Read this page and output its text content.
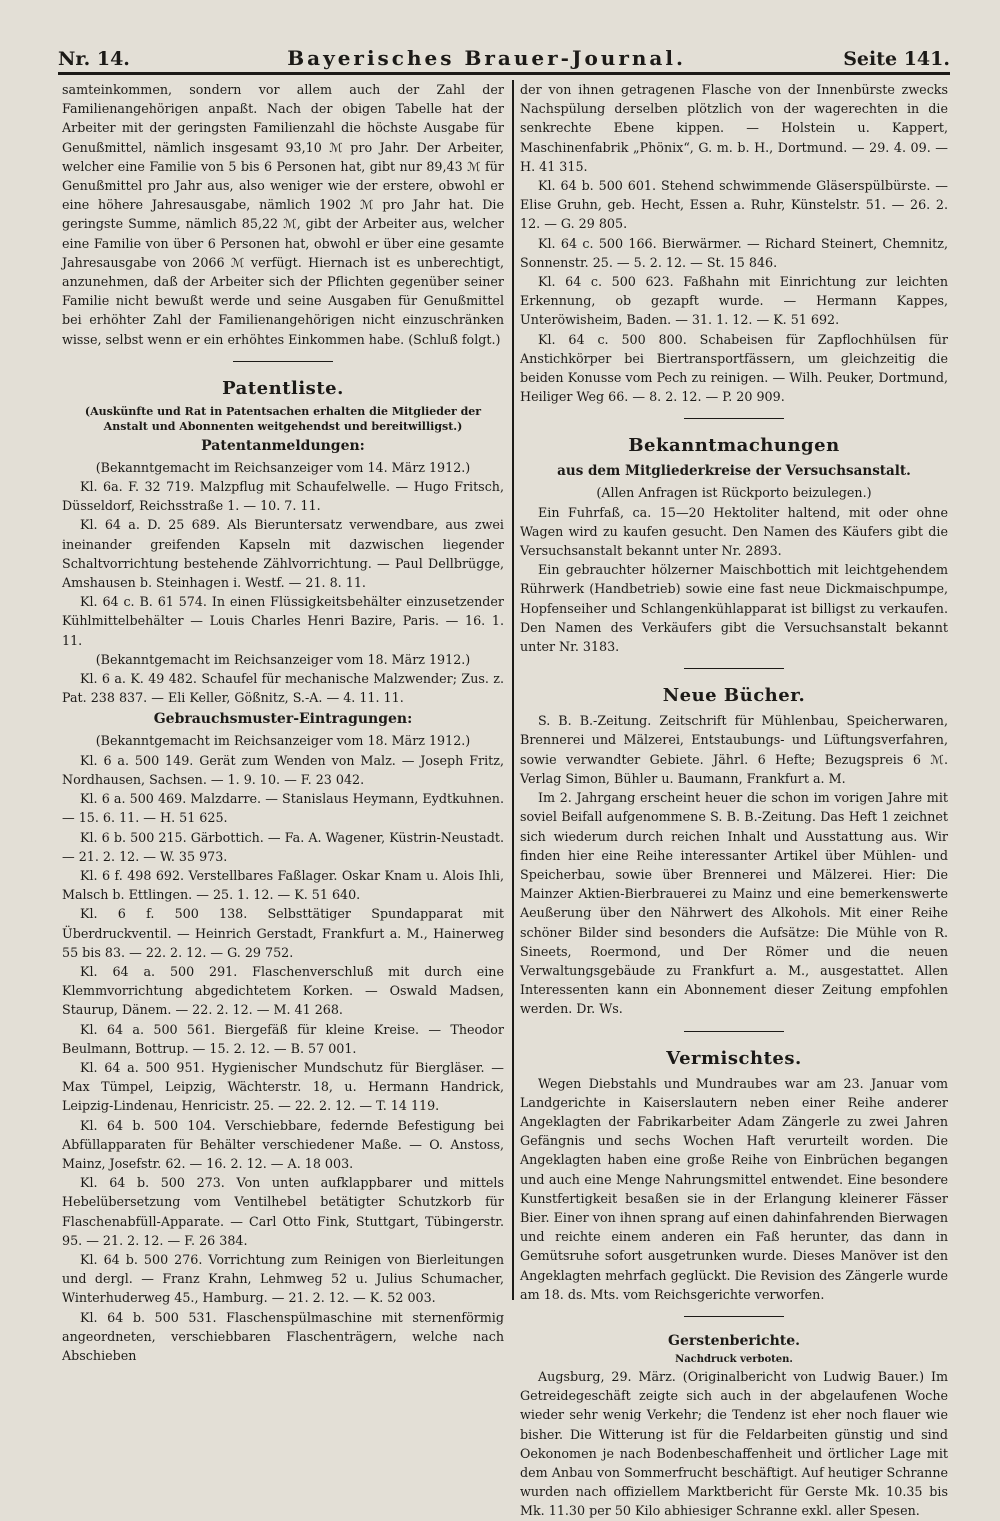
Nr. 14.	Bayerisches Brauer-Journal.	Seite 141.

samteinkommen, sondern vor allem auch der Zahl der Familienangehörigen anpaßt. Nach der obigen Tabelle hat der Arbeiter mit der geringsten Familienzahl die höchste Ausgabe für Genußmittel, nämlich insgesamt 93,10 ℳ pro Jahr. Der Arbeiter, welcher eine Familie von 5 bis 6 Personen hat, gibt nur 89,43 ℳ für Genußmittel pro Jahr aus, also weniger wie der erstere, obwohl er eine höhere Jahresausgabe, nämlich 1902 ℳ pro Jahr hat. Die geringste Summe, nämlich 85,22 ℳ, gibt der Arbeiter aus, welcher eine Familie von über 6 Personen hat, obwohl er über eine gesamte Jahresausgabe von 2066 ℳ verfügt. Hiernach ist es unberechtigt, anzunehmen, daß der Arbeiter sich der Pflichten gegenüber seiner Familie nicht bewußt werde und seine Ausgaben für Genußmittel bei erhöhter Zahl der Familienangehörigen nicht einzuschränken wisse, selbst wenn er ein erhöhtes Einkommen habe. (Schluß folgt.)

Patentliste.
(Auskünfte und Rat in Patentsachen erhalten die Mitglieder der Anstalt und Abonnenten weitgehendst und bereitwilligst.)
Patentanmeldungen:
(Bekanntgemacht im Reichsanzeiger vom 14. März 1912.)

Kl. 6a. F. 32 719. Malzpflug mit Schaufelwelle. — Hugo Fritsch, Düsseldorf, Reichsstraße 1. — 10. 7. 11.

Kl. 64 a. D. 25 689. Als Bieruntersatz verwendbare, aus zwei ineinander greifenden Kapseln mit dazwischen liegender Schaltvorrichtung bestehende Zählvorrichtung. — Paul Dellbrügge, Amshausen b. Steinhagen i. Westf. — 21. 8. 11.

Kl. 64 c. B. 61 574. In einen Flüssigkeitsbehälter einzusetzender Kühlmittelbehälter — Louis Charles Henri Bazire, Paris. — 16. 1. 11.

(Bekanntgemacht im Reichsanzeiger vom 18. März 1912.)

Kl. 6 a. K. 49 482. Schaufel für mechanische Malzwender; Zus. z. Pat. 238 837. — Eli Keller, Gößnitz, S.-A. — 4. 11. 11.

Gebrauchsmuster-Eintragungen:
(Bekanntgemacht im Reichsanzeiger vom 18. März 1912.)

Kl. 6 a. 500 149. Gerät zum Wenden von Malz. — Joseph Fritz, Nordhausen, Sachsen. — 1. 9. 10. — F. 23 042.

Kl. 6 a. 500 469. Malzdarre. — Stanislaus Heymann, Eydtkuhnen. — 15. 6. 11. — H. 51 625.

Kl. 6 b. 500 215. Gärbottich. — Fa. A. Wagener, Küstrin-Neustadt. — 21. 2. 12. — W. 35 973.

Kl. 6 f. 498 692. Verstellbares Faßlager. Oskar Knam u. Alois Ihli, Malsch b. Ettlingen. — 25. 1. 12. — K. 51 640.

Kl. 6 f. 500 138. Selbsttätiger Spundapparat mit Überdruckventil. — Heinrich Gerstadt, Frankfurt a. M., Hainerweg 55 bis 83. — 22. 2. 12. — G. 29 752.

Kl. 64 a. 500 291. Flaschenverschluß mit durch eine Klemmvorrichtung abgedichtetem Korken. — Oswald Madsen, Staurup, Dänem. — 22. 2. 12. — M. 41 268.

Kl. 64 a. 500 561. Biergefäß für kleine Kreise. — Theodor Beulmann, Bottrup. — 15. 2. 12. — B. 57 001.

Kl. 64 a. 500 951. Hygienischer Mundschutz für Biergläser. — Max Tümpel, Leipzig, Wächterstr. 18, u. Hermann Handrick, Leipzig-Lindenau, Henricistr. 25. — 22. 2. 12. — T. 14 119.

Kl. 64 b. 500 104. Verschiebbare, federnde Befestigung bei Abfüllapparaten für Behälter verschiedener Maße. — O. Anstoss, Mainz, Josefstr. 62. — 16. 2. 12. — A. 18 003.

Kl. 64 b. 500 273. Von unten aufklappbarer und mittels Hebelübersetzung vom Ventilhebel betätigter Schutzkorb für Flaschenabfüll-Apparate. — Carl Otto Fink, Stuttgart, Tübingerstr. 95. — 21. 2. 12. — F. 26 384.

Kl. 64 b. 500 276. Vorrichtung zum Reinigen von Bierleitungen und dergl. — Franz Krahn, Lehmweg 52 u. Julius Schumacher, Winterhuderweg 45., Hamburg. — 21. 2. 12. — K. 52 003.

Kl. 64 b. 500 531. Flaschenspülmaschine mit sternenförmig angeordneten, verschiebbaren Flaschenträgern, welche nach Abschieben

der von ihnen getragenen Flasche von der Innenbürste zwecks Nachspülung derselben plötzlich von der wagerechten in die senkrechte Ebene kippen. — Holstein u. Kappert, Maschinenfabrik „Phönix“, G. m. b. H., Dortmund. — 29. 4. 09. — H. 41 315.

Kl. 64 b. 500 601. Stehend schwimmende Gläserspülbürste. — Elise Gruhn, geb. Hecht, Essen a. Ruhr, Künstelstr. 51. — 26. 2. 12. — G. 29 805.

Kl. 64 c. 500 166. Bierwärmer. — Richard Steinert, Chemnitz, Sonnenstr. 25. — 5. 2. 12. — St. 15 846.

Kl. 64 c. 500 623. Faßhahn mit Einrichtung zur leichten Erkennung, ob gezapft wurde. — Hermann Kappes, Unteröwisheim, Baden. — 31. 1. 12. — K. 51 692.

Kl. 64 c. 500 800. Schabeisen für Zapflochhülsen für Anstichkörper bei Biertransportfässern, um gleichzeitig die beiden Konusse vom Pech zu reinigen. — Wilh. Peuker, Dortmund, Heiliger Weg 66. — 8. 2. 12. — P. 20 909.

Bekanntmachungen
aus dem Mitgliederkreise der Versuchsanstalt.
(Allen Anfragen ist Rückporto beizulegen.)

Ein Fuhrfaß, ca. 15—20 Hektoliter haltend, mit oder ohne Wagen wird zu kaufen gesucht. Den Namen des Käufers gibt die Versuchsanstalt bekannt unter Nr. 2893.

Ein gebrauchter hölzerner Maischbottich mit leichtgehendem Rührwerk (Handbetrieb) sowie eine fast neue Dickmaischpumpe, Hopfenseiher und Schlangenkühlapparat ist billigst zu verkaufen. Den Namen des Verkäufers gibt die Versuchsanstalt bekannt unter Nr. 3183.

Neue Bücher.

S. B. B.-Zeitung. Zeitschrift für Mühlenbau, Speicherwaren, Brennerei und Mälzerei, Entstaubungs- und Lüftungsverfahren, sowie verwandter Gebiete. Jährl. 6 Hefte; Bezugspreis 6 ℳ. Verlag Simon, Bühler u. Baumann, Frankfurt a. M.

Im 2. Jahrgang erscheint heuer die schon im vorigen Jahre mit soviel Beifall aufgenommene S. B. B.-Zeitung. Das Heft 1 zeichnet sich wiederum durch reichen Inhalt und Ausstattung aus. Wir finden hier eine Reihe interessanter Artikel über Mühlen- und Speicherbau, sowie über Brennerei und Mälzerei. Hier: Die Mainzer Aktien-Bierbrauerei zu Mainz und eine bemerkenswerte Aeußerung über den Nährwert des Alkohols. Mit einer Reihe schöner Bilder sind besonders die Aufsätze: Die Mühle von R. Sineets, Roermond, und Der Römer und die neuen Verwaltungsgebäude zu Frankfurt a. M., ausgestattet. Allen Interessenten kann ein Abonnement dieser Zeitung empfohlen werden. Dr. Ws.

Vermischtes.

Wegen Diebstahls und Mundraubes war am 23. Januar vom Landgerichte in Kaiserslautern neben einer Reihe anderer Angeklagten der Fabrikarbeiter Adam Zängerle zu zwei Jahren Gefängnis und sechs Wochen Haft verurteilt worden. Die Angeklagten haben eine große Reihe von Einbrüchen begangen und auch eine Menge Nahrungsmittel entwendet. Eine besondere Kunstfertigkeit besaßen sie in der Erlangung kleinerer Fässer Bier. Einer von ihnen sprang auf einen dahinfahrenden Bierwagen und reichte einem anderen ein Faß herunter, das dann in Gemütsruhe sofort ausgetrunken wurde. Dieses Manöver ist den Angeklagten mehrfach geglückt. Die Revision des Zängerle wurde am 18. ds. Mts. vom Reichsgerichte verworfen.

Gerstenberichte.
Nachdruck verboten.

Augsburg, 29. März. (Originalbericht von Ludwig Bauer.) Im Getreidegeschäft zeigte sich auch in der abgelaufenen Woche wieder sehr wenig Verkehr; die Tendenz ist eher noch flauer wie bisher. Die Witterung ist für die Feldarbeiten günstig und sind Oekonomen je nach Bodenbeschaffenheit und örtlicher Lage mit dem Anbau von Sommerfrucht beschäftigt. Auf heutiger Schranne wurden nach offiziellem Marktbericht für Gerste Mk. 10.35 bis Mk. 11.30 per 50 Kilo abhiesiger Schranne exkl. aller Spesen.
